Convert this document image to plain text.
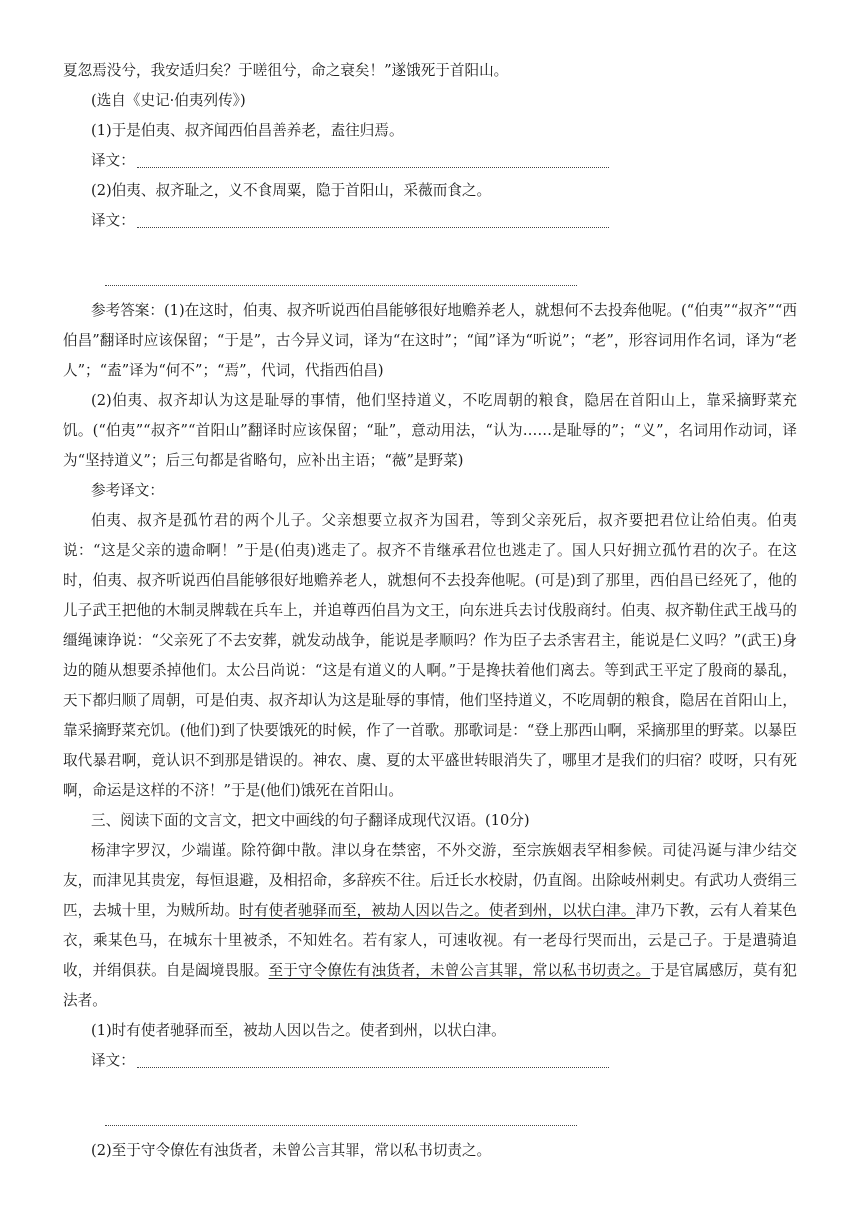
夏忽焉没兮，我安适归矣？于嗟徂兮，命之衰矣！”遂饿死于首阳山。

(选自《史记·伯夷列传》)

(1)于是伯夷、叔齐闻西伯昌善养老，盍往归焉。

译文：

(2)伯夷、叔齐耻之，义不食周粟，隐于首阳山，采薇而食之。

译文：

参考答案：(1)在这时，伯夷、叔齐听说西伯昌能够很好地赡养老人，就想何不去投奔他呢。(“伯夷”“叔齐”“西伯昌”翻译时应该保留；“于是”，古今异义词，译为“在这时”；“闻”译为“听说”；“老”，形容词用作名词，译为“老人”；“盍”译为“何不”；“焉”，代词，代指西伯昌)

(2)伯夷、叔齐却认为这是耻辱的事情，他们坚持道义，不吃周朝的粮食，隐居在首阳山上，靠采摘野菜充饥。(“伯夷”“叔齐”“首阳山”翻译时应该保留；“耻”，意动用法，“认为……是耻辱的”；“义”，名词用作动词，译为“坚持道义”；后三句都是省略句，应补出主语；“薇”是野菜)

参考译文：

伯夷、叔齐是孤竹君的两个儿子。父亲想要立叔齐为国君，等到父亲死后，叔齐要把君位让给伯夷。伯夷说：“这是父亲的遗命啊！”于是(伯夷)逃走了。叔齐不肯继承君位也逃走了。国人只好拥立孤竹君的次子。在这时，伯夷、叔齐听说西伯昌能够很好地赡养老人，就想何不去投奔他呢。(可是)到了那里，西伯昌已经死了，他的儿子武王把他的木制灵牌载在兵车上，并追尊西伯昌为文王，向东进兵去讨伐殷商纣。伯夷、叔齐勒住武王战马的缰绳谏诤说：“父亲死了不去安葬，就发动战争，能说是孝顺吗？作为臣子去杀害君主，能说是仁义吗？”(武王)身边的随从想要杀掉他们。太公吕尚说：“这是有道义的人啊。”于是搀扶着他们离去。等到武王平定了殷商的暴乱，天下都归顺了周朝，可是伯夷、叔齐却认为这是耻辱的事情，他们坚持道义，不吃周朝的粮食，隐居在首阳山上，靠采摘野菜充饥。(他们)到了快要饿死的时候，作了一首歌。那歌词是：“登上那西山啊，采摘那里的野菜。以暴臣取代暴君啊，竟认识不到那是错误的。神农、虞、夏的太平盛世转眼消失了，哪里才是我们的归宿？哎呀，只有死啊，命运是这样的不济！”于是(他们)饿死在首阳山。

三、阅读下面的文言文，把文中画线的句子翻译成现代汉语。(10分)

杨津字罗汉，少端谨。除符御中散。津以身在禁密，不外交游，至宗族姻表罕相参候。司徒冯诞与津少结交友，而津见其贵宠，每恒退避，及相招命，多辞疾不往。后迁长水校尉，仍直阁。出除岐州刺史。有武功人赍绢三匹，去城十里，为贼所劫。时有使者驰驿而至，被劫人因以告之。使者到州，以状白津。津乃下教，云有人着某色衣，乘某色马，在城东十里被杀，不知姓名。若有家人，可速收视。有一老母行哭而出，云是己子。于是遣骑追收，并绢俱获。自是阖境畏服。至于守令僚佐有浊货者，未曾公言其罪，常以私书切责之。于是官属感厉，莫有犯法者。

(1)时有使者驰驿而至，被劫人因以告之。使者到州，以状白津。

译文：

(2)至于守令僚佐有浊货者，未曾公言其罪，常以私书切责之。
